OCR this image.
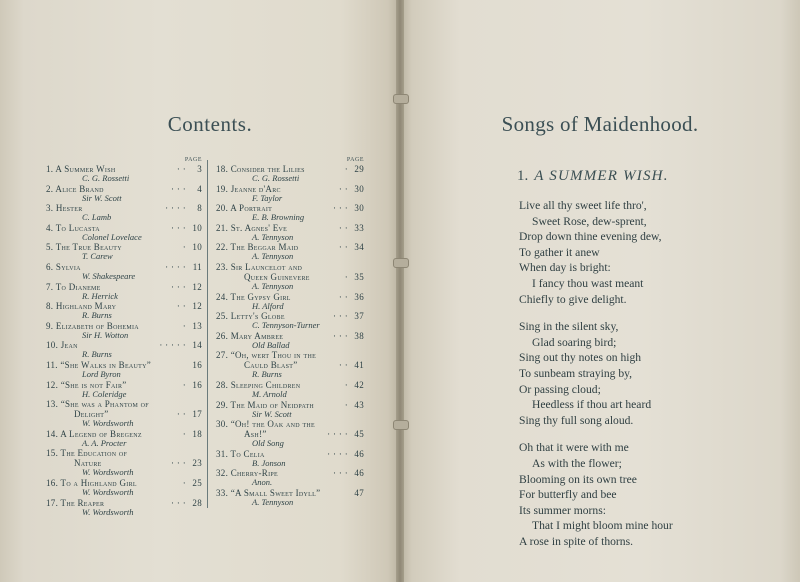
Contents.
PAGE
1. A Summer Wish	· · 3
C. G. Rossetti
2. Alice Brand	· · · 4
Sir W. Scott
3. Hester	· · · · 8
C. Lamb
4. To Lucasta	· · · 10
Colonel Lovelace
5. The True Beauty	· 10
T. Carew
6. Sylvia	· · · · 11
W. Shakespeare
7. To Dianeme	· · · 12
R. Herrick
8. Highland Mary	· · 12
R. Burns
9. Elizabeth of Bohemia	· 13
Sir H. Wotton
10. Jean	· · · · · 14
R. Burns
11. “She Walks in Beauty”	16
Lord Byron
12. “She is not Fair”	· 16
H. Coleridge
13. “She was a Phantom of
Delight”	· · 17
W. Wordsworth
14. A Legend of Bregenz	· 18
A. A. Procter
15. The Education of
Nature	· · · 23
W. Wordsworth
16. To a Highland Girl	· 25
W. Wordsworth
17. The Reaper	· · · 28
W. Wordsworth
PAGE
18. Consider the Lilies	· 29
C. G. Rossetti
19. Jeanne d'Arc	· · 30
F. Taylor
20. A Portrait	· · · 30
E. B. Browning
21. St. Agnes' Eve	· · 33
A. Tennyson
22. The Beggar Maid	· · 34
A. Tennyson
23. Sir Launcelot and
Queen Guinevere	· 35
A. Tennyson
24. The Gypsy Girl	· · 36
H. Alford
25. Letty's Globe	· · · 37
C. Tennyson-Turner
26. Mary Ambree	· · · 38
Old Ballad
27. “Oh, wert Thou in the
Cauld Blast”	· · 41
R. Burns
28. Sleeping Children	· 42
M. Arnold
29. The Maid of Neidpath	· 43
Sir W. Scott
30. “Oh! the Oak and the
Ash!”	· · · · 45
Old Song
31. To Celia	· · · · 46
B. Jonson
32. Cherry-Ripe	· · · 46
Anon.
33. “A Small Sweet Idyll”	47
A. Tennyson
Songs of Maidenhood.
1. A SUMMER WISH.
Live all thy sweet life thro',
Sweet Rose, dew-sprent,
Drop down thine evening dew,
To gather it anew
When day is bright:
I fancy thou wast meant
Chiefly to give delight.
Sing in the silent sky,
Glad soaring bird;
Sing out thy notes on high
To sunbeam straying by,
Or passing cloud;
Heedless if thou art heard
Sing thy full song aloud.
Oh that it were with me
As with the flower;
Blooming on its own tree
For butterfly and bee
Its summer morns:
That I might bloom mine hour
A rose in spite of thorns.
